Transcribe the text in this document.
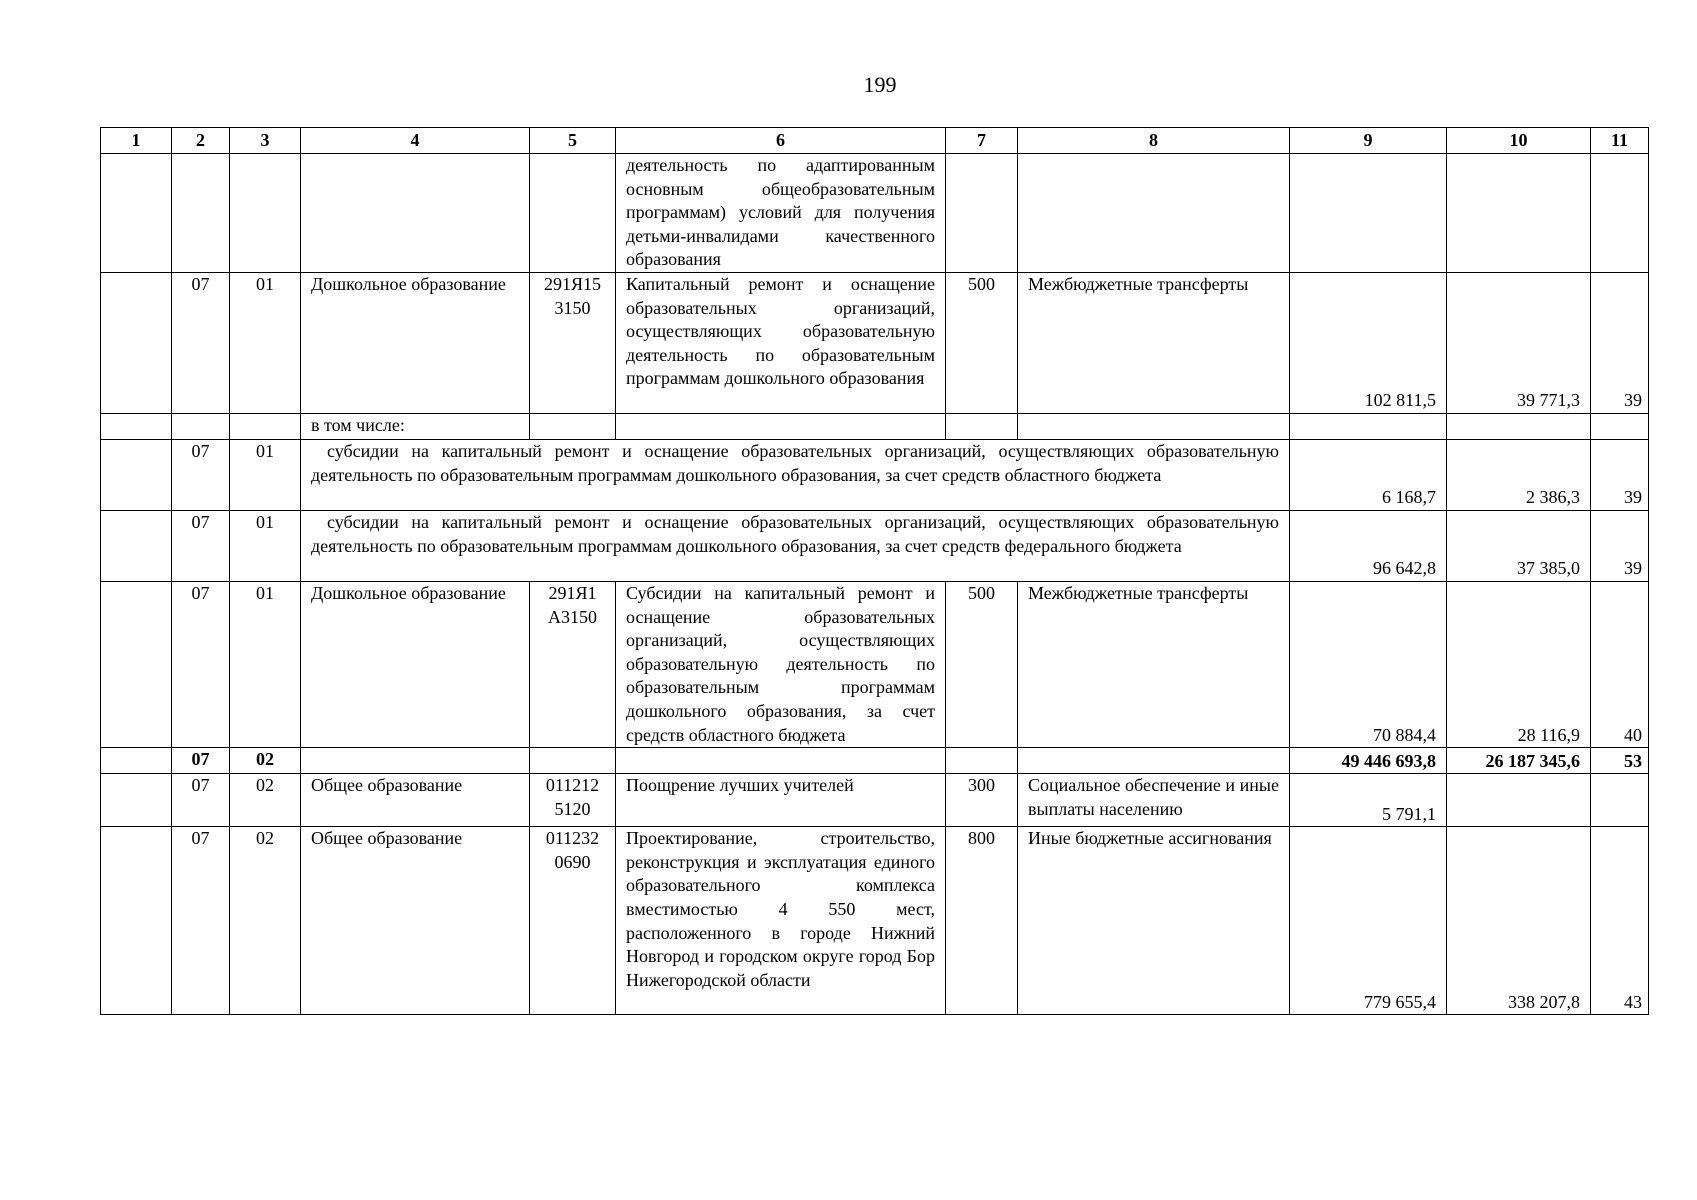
199
1	2	3	4	5	6	7	8	9	10	11
					деятельность по адаптированным основным общеобразовательным программам) условий для получения детьми-инвалидами качественного образования					
	07	01	Дошкольное образование	291Я15 3150	Капитальный ремонт и оснащение образовательных организаций, осуществляющих образовательную деятельность по образовательным программам дошкольного образования	500	Межбюджетные трансферты	102 811,5	39 771,3	39
			в том числе:							
	07	01	субсидии на капитальный ремонт и оснащение образовательных организаций, осуществляющих образовательную деятельность по образовательным программам дошкольного образования, за счет средств областного бюджета					6 168,7	2 386,3	39
	07	01	субсидии на капитальный ремонт и оснащение образовательных организаций, осуществляющих образовательную деятельность по образовательным программам дошкольного образования, за счет средств федерального бюджета					96 642,8	37 385,0	39
	07	01	Дошкольное образование	291Я1 А3150	Субсидии на капитальный ремонт и оснащение образовательных организаций, осуществляющих образовательную деятельность по образовательным программам дошкольного образования, за счет средств областного бюджета	500	Межбюджетные трансферты	70 884,4	28 116,9	40
	07	02						49 446 693,8	26 187 345,6	53
	07	02	Общее образование	011212 5120	Поощрение лучших учителей	300	Социальное обеспечение и иные выплаты населению	5 791,1		
	07	02	Общее образование	011232 0690	Проектирование, строительство, реконструкция и эксплуатация единого образовательного комплекса вместимостью 4 550 мест, расположенного в городе Нижний Новгород и городском округе город Бор Нижегородской области	800	Иные бюджетные ассигнования	779 655,4	338 207,8	43
